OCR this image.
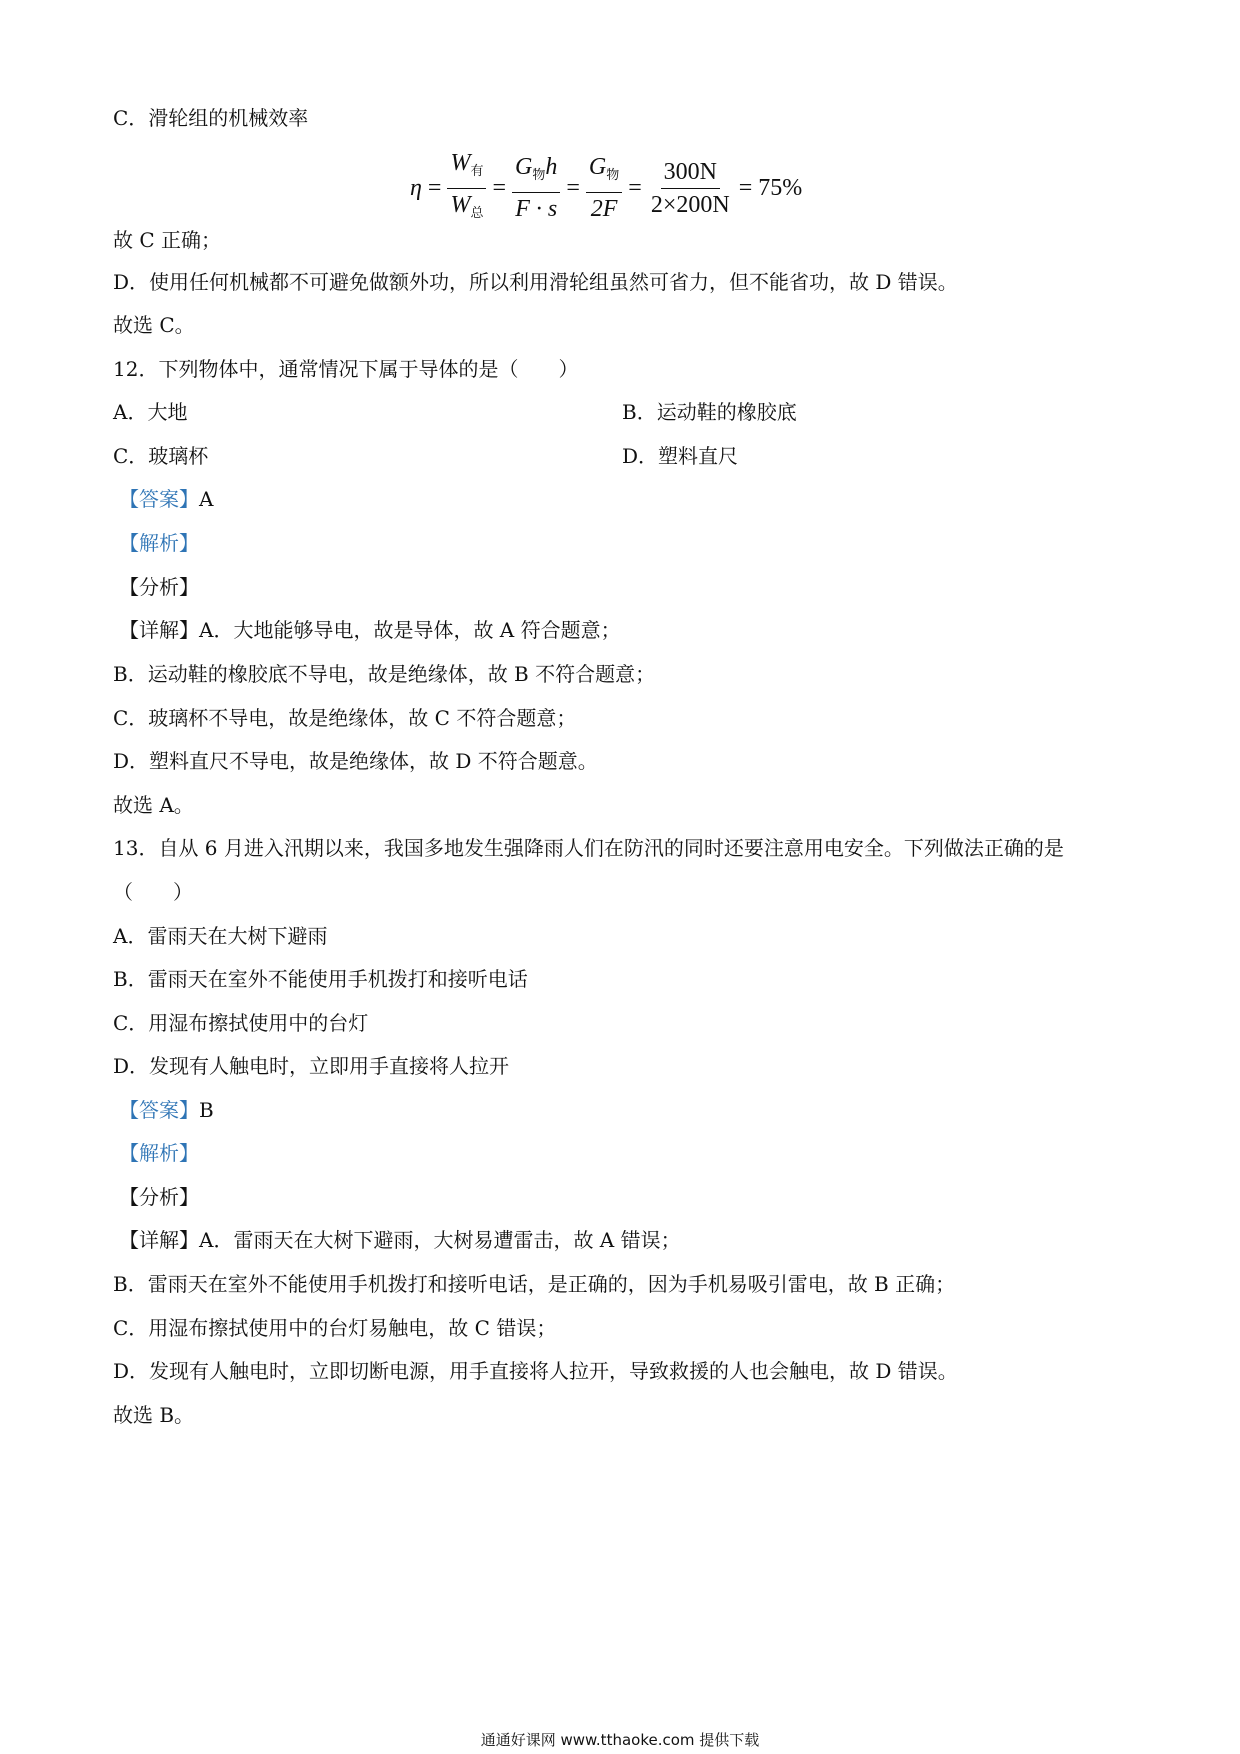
C．滑轮组的机械效率
$\eta = \frac{W_有}{W_总} = \frac{G_物h}{F \cdot s} = \frac{G_物}{2F} = \frac{300N}{2\times 200N} = 75\%$
故 C 正确；
D．使用任何机械都不可避免做额外功，所以利用滑轮组虽然可省力，但不能省功，故 D 错误。
故选 C。
12．下列物体中，通常情况下属于导体的是（　　）
A．大地	B．运动鞋的橡胶底
C．玻璃杯	D．塑料直尺
【答案】A
【解析】
【分析】
【详解】A．大地能够导电，故是导体，故 A 符合题意；
B．运动鞋的橡胶底不导电，故是绝缘体，故 B 不符合题意；
C．玻璃杯不导电，故是绝缘体，故 C 不符合题意；
D．塑料直尺不导电，故是绝缘体，故 D 不符合题意。
故选 A。
13．自从 6 月进入汛期以来，我国多地发生强降雨人们在防汛的同时还要注意用电安全。下列做法正确的是
（　　）
A．雷雨天在大树下避雨
B．雷雨天在室外不能使用手机拨打和接听电话
C．用湿布擦拭使用中的台灯
D．发现有人触电时，立即用手直接将人拉开
【答案】B
【解析】
【分析】
【详解】A．雷雨天在大树下避雨，大树易遭雷击，故 A 错误；
B．雷雨天在室外不能使用手机拨打和接听电话，是正确的，因为手机易吸引雷电，故 B 正确；
C．用湿布擦拭使用中的台灯易触电，故 C 错误；
D．发现有人触电时，立即切断电源，用手直接将人拉开，导致救援的人也会触电，故 D 错误。
故选 B。
通通好课网 www.tthaoke.com 提供下载
